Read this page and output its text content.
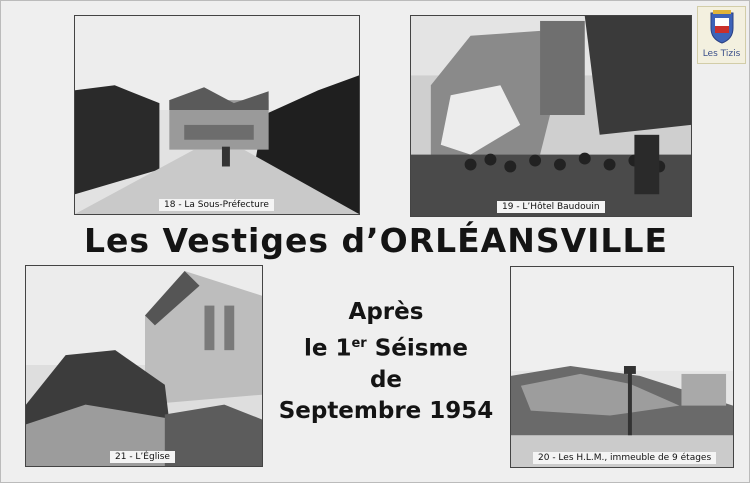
18 - La Sous-Préfecture	19 - L’Hôtel Baudouin
21 - L’Église	20 - Les H.L.M., immeuble de 9 étages
Les Vestiges d’ORLÉANSVILLE
Après
le 1er Séisme
de
Septembre 1954
Les Tizis
